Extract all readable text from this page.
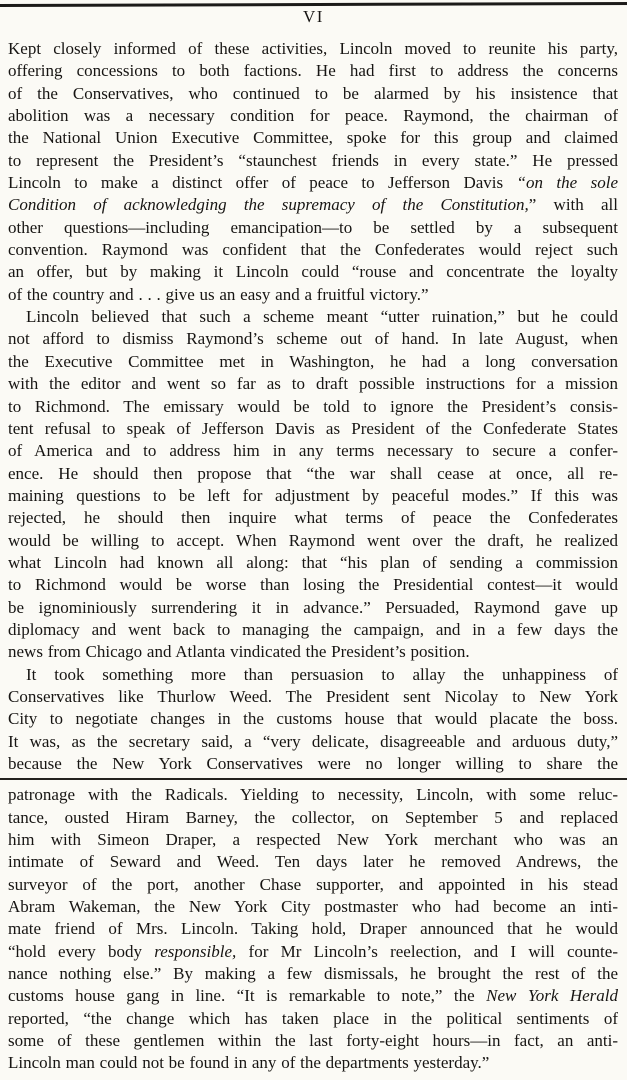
VI
Kept closely informed of these activities, Lincoln moved to reunite his party,
offering concessions to both factions. He had first to address the concerns
of the Conservatives, who continued to be alarmed by his insistence that
abolition was a necessary condition for peace. Raymond, the chairman of
the National Union Executive Committee, spoke for this group and claimed
to represent the President’s “staunchest friends in every state.” He pressed
Lincoln to make a distinct offer of peace to Jefferson Davis “on the sole
Condition of acknowledging the supremacy of the Constitution,” with all
other questions—including emancipation—to be settled by a subsequent
convention. Raymond was confident that the Confederates would reject such
an offer, but by making it Lincoln could “rouse and concentrate the loyalty
of the country and . . . give us an easy and a fruitful victory.”
Lincoln believed that such a scheme meant “utter ruination,” but he could
not afford to dismiss Raymond’s scheme out of hand. In late August, when
the Executive Committee met in Washington, he had a long conversation
with the editor and went so far as to draft possible instructions for a mission
to Richmond. The emissary would be told to ignore the President’s consis-
tent refusal to speak of Jefferson Davis as President of the Confederate States
of America and to address him in any terms necessary to secure a confer-
ence. He should then propose that “the war shall cease at once, all re-
maining questions to be left for adjustment by peaceful modes.” If this was
rejected, he should then inquire what terms of peace the Confederates
would be willing to accept. When Raymond went over the draft, he realized
what Lincoln had known all along: that “his plan of sending a commission
to Richmond would be worse than losing the Presidential contest—it would
be ignominiously surrendering it in advance.” Persuaded, Raymond gave up
diplomacy and went back to managing the campaign, and in a few days the
news from Chicago and Atlanta vindicated the President’s position.
It took something more than persuasion to allay the unhappiness of
Conservatives like Thurlow Weed. The President sent Nicolay to New York
City to negotiate changes in the customs house that would placate the boss.
It was, as the secretary said, a “very delicate, disagreeable and arduous duty,”
because the New York Conservatives were no longer willing to share the
patronage with the Radicals. Yielding to necessity, Lincoln, with some reluc-
tance, ousted Hiram Barney, the collector, on September 5 and replaced
him with Simeon Draper, a respected New York merchant who was an
intimate of Seward and Weed. Ten days later he removed Andrews, the
surveyor of the port, another Chase supporter, and appointed in his stead
Abram Wakeman, the New York City postmaster who had become an inti-
mate friend of Mrs. Lincoln. Taking hold, Draper announced that he would
“hold every body responsible, for Mr Lincoln’s reelection, and I will counte-
nance nothing else.” By making a few dismissals, he brought the rest of the
customs house gang in line. “It is remarkable to note,” the New York Herald
reported, “the change which has taken place in the political sentiments of
some of these gentlemen within the last forty-eight hours—in fact, an anti-
Lincoln man could not be found in any of the departments yesterday.”
